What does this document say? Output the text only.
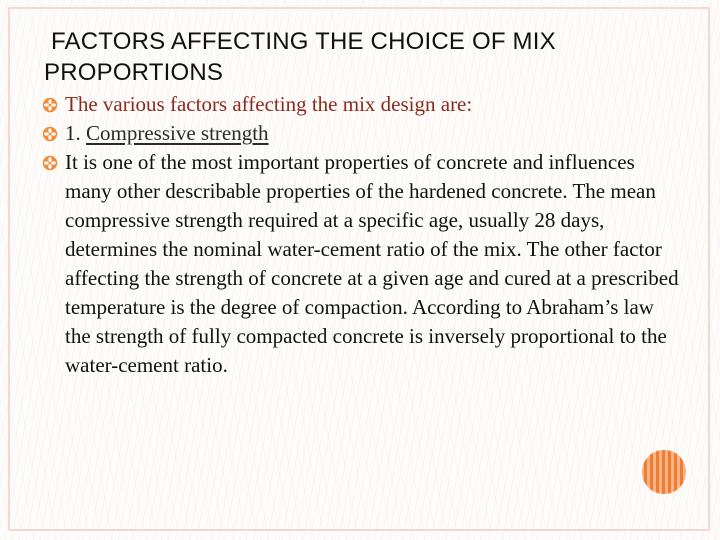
FACTORS AFFECTING THE CHOICE OF MIX
PROPORTIONS
The various factors affecting the mix design are:
1. Compressive strength
It is one of the most important properties of concrete and influences many other describable properties of the hardened concrete. The mean compressive strength required at a specific age, usually 28 days, determines the nominal water-cement ratio of the mix. The other factor affecting the strength of concrete at a given age and cured at a prescribed temperature is the degree of compaction. According to Abraham’s law the strength of fully compacted concrete is inversely proportional to the water-cement ratio.
